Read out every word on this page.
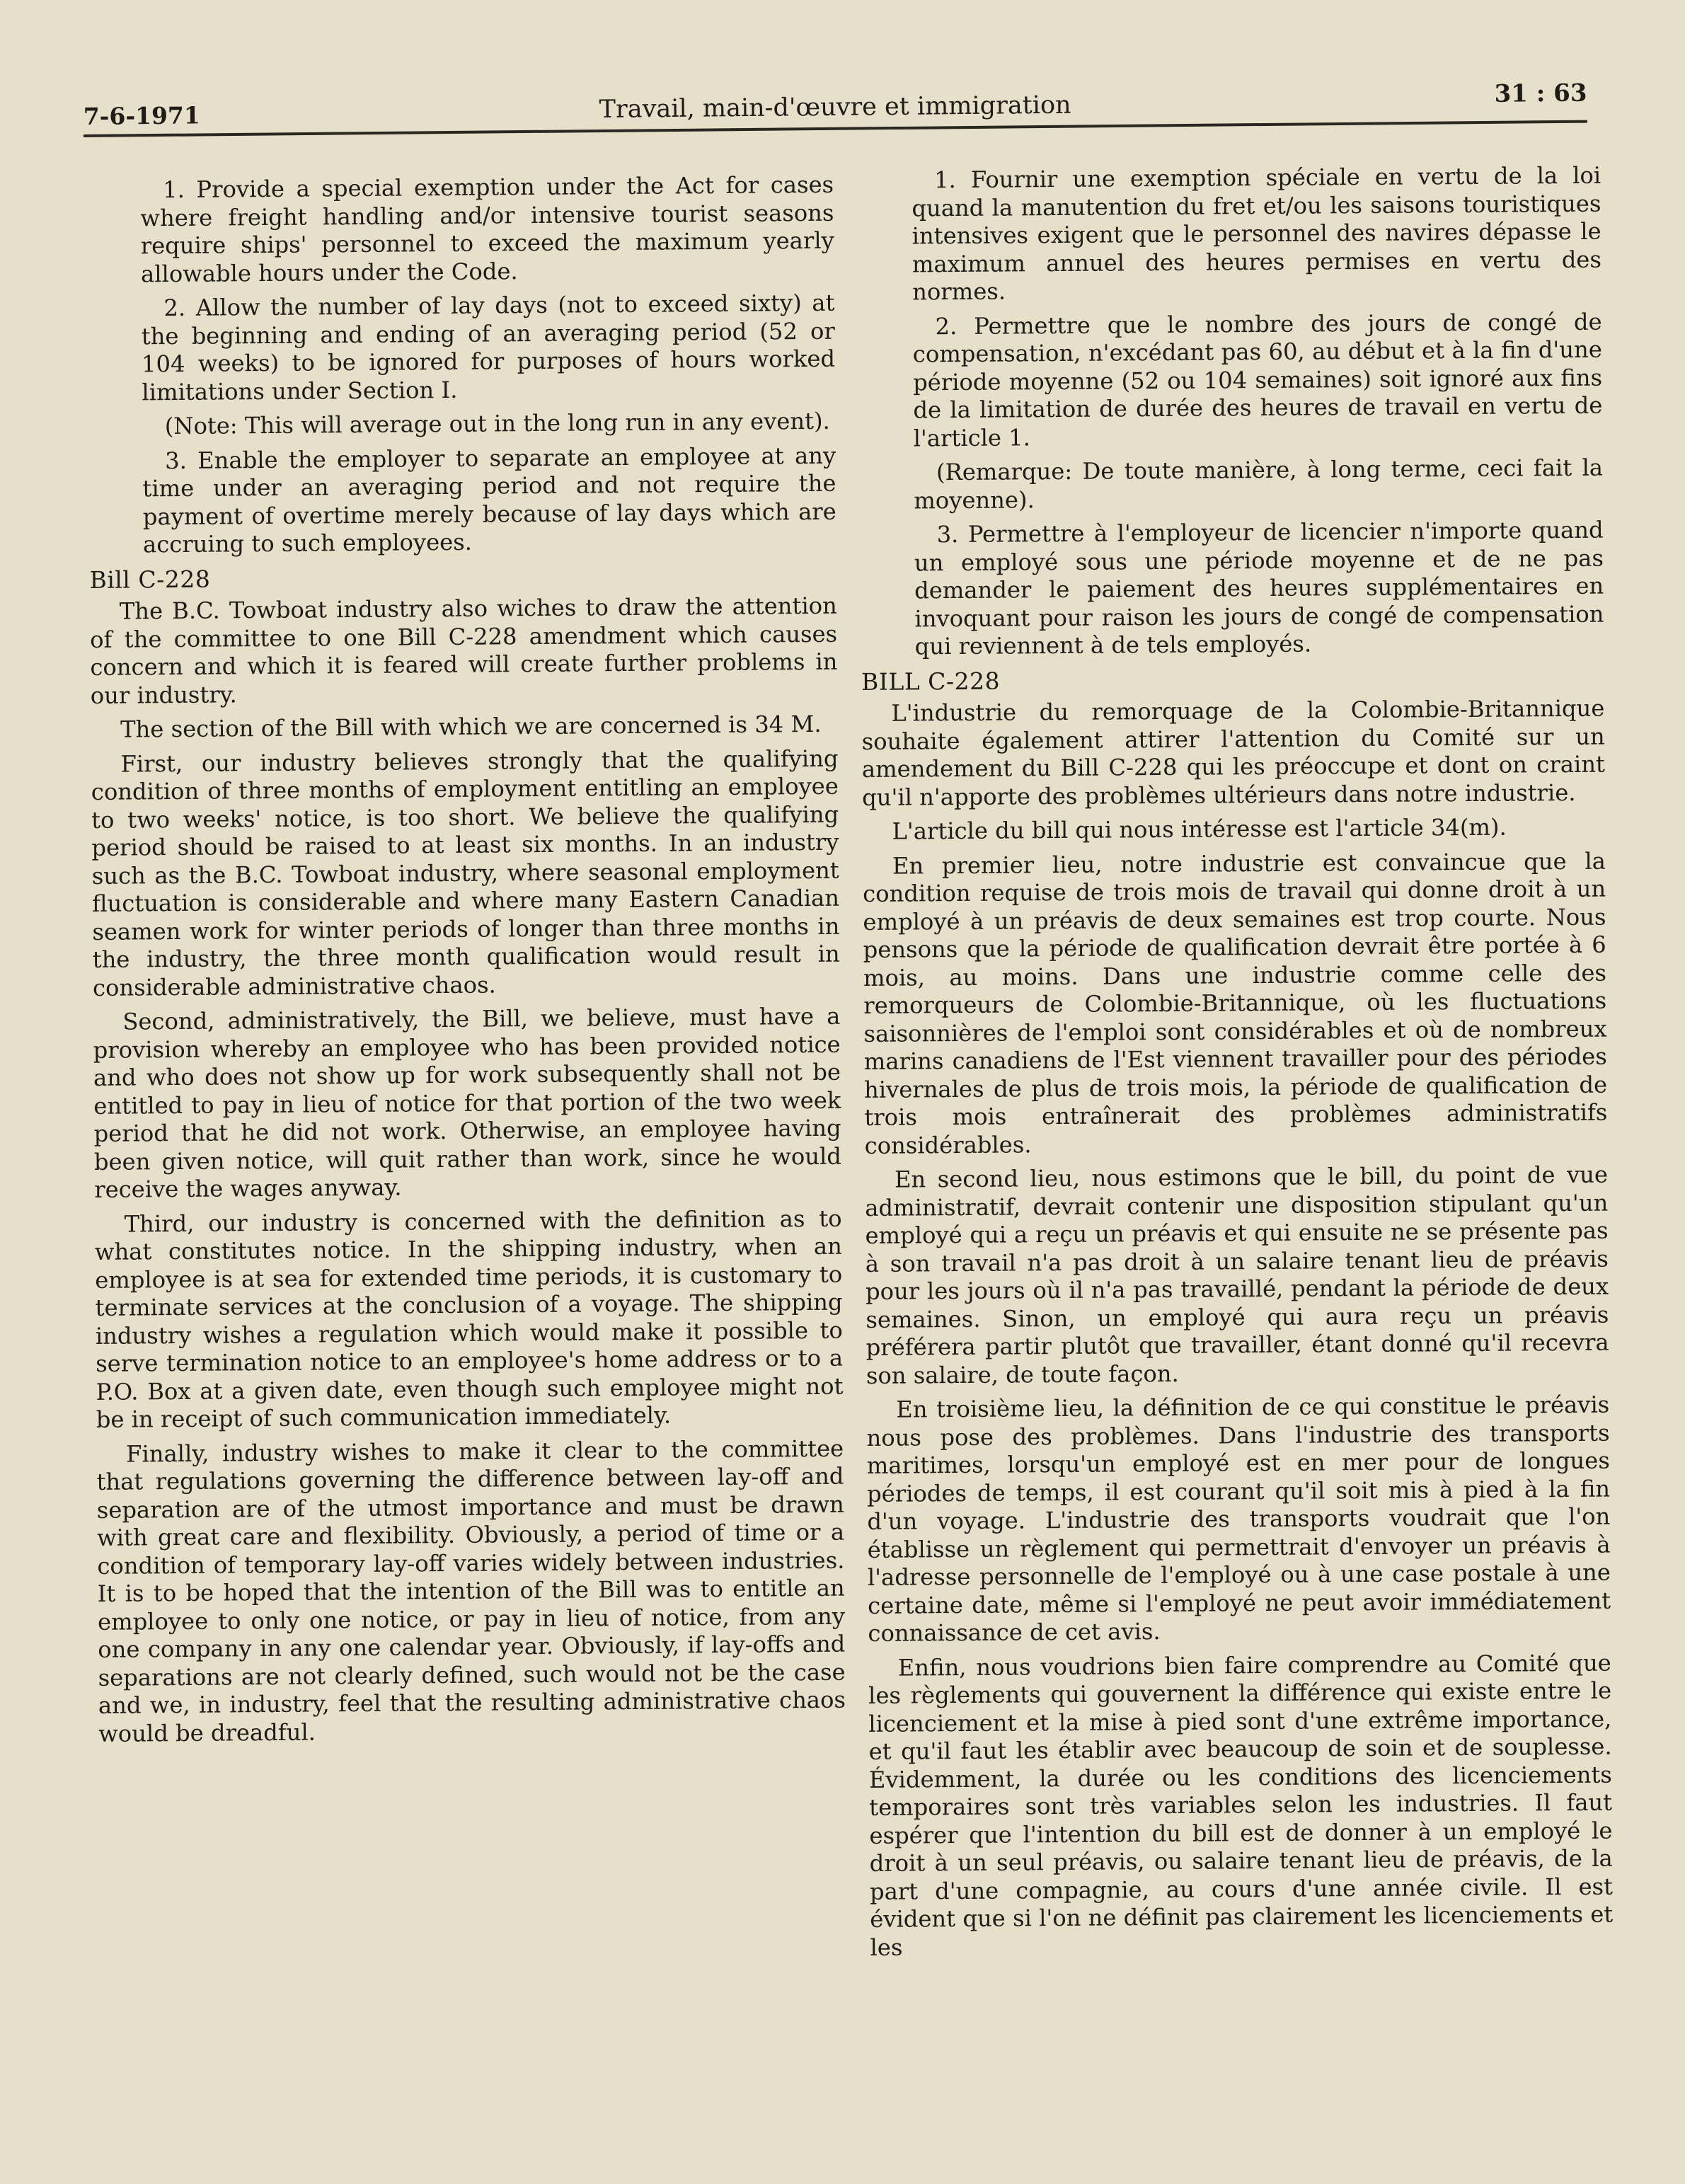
7-6-1971	Travail, main-d'œuvre et immigration	31 : 63

1. Provide a special exemption under the Act for cases where freight handling and/or intensive tourist seasons require ships' personnel to exceed the maximum yearly allowable hours under the Code.

2. Allow the number of lay days (not to exceed sixty) at the beginning and ending of an averaging period (52 or 104 weeks) to be ignored for purposes of hours worked limitations under Section I.

(Note: This will average out in the long run in any event).

3. Enable the employer to separate an employee at any time under an averaging period and not require the payment of overtime merely because of lay days which are accruing to such employees.

Bill C-228

The B.C. Towboat industry also wiches to draw the attention of the committee to one Bill C-228 amendment which causes concern and which it is feared will create further problems in our industry.

The section of the Bill with which we are concerned is 34 M.

First, our industry believes strongly that the qualifying condition of three months of employment entitling an employee to two weeks' notice, is too short. We believe the qualifying period should be raised to at least six months. In an industry such as the B.C. Towboat industry, where seasonal employment fluctuation is considerable and where many Eastern Canadian seamen work for winter periods of longer than three months in the industry, the three month qualification would result in considerable administrative chaos.

Second, administratively, the Bill, we believe, must have a provision whereby an employee who has been provided notice and who does not show up for work subsequently shall not be entitled to pay in lieu of notice for that portion of the two week period that he did not work. Otherwise, an employee having been given notice, will quit rather than work, since he would receive the wages anyway.

Third, our industry is concerned with the definition as to what constitutes notice. In the shipping industry, when an employee is at sea for extended time periods, it is customary to terminate services at the conclusion of a voyage. The shipping industry wishes a regulation which would make it possible to serve termination notice to an employee's home address or to a P.O. Box at a given date, even though such employee might not be in receipt of such communication immediately.

Finally, industry wishes to make it clear to the committee that regulations governing the difference between lay-off and separation are of the utmost importance and must be drawn with great care and flexibility. Obviously, a period of time or a condition of temporary lay-off varies widely between industries. It is to be hoped that the intention of the Bill was to entitle an employee to only one notice, or pay in lieu of notice, from any one company in any one calendar year. Obviously, if lay-offs and separations are not clearly defined, such would not be the case and we, in industry, feel that the resulting administrative chaos would be dreadful.

1. Fournir une exemption spéciale en vertu de la loi quand la manutention du fret et/ou les saisons touristiques intensives exigent que le personnel des navires dépasse le maximum annuel des heures permises en vertu des normes.

2. Permettre que le nombre des jours de congé de compensation, n'excédant pas 60, au début et à la fin d'une période moyenne (52 ou 104 semaines) soit ignoré aux fins de la limitation de durée des heures de travail en vertu de l'article 1.

(Remarque: De toute manière, à long terme, ceci fait la moyenne).

3. Permettre à l'employeur de licencier n'importe quand un employé sous une période moyenne et de ne pas demander le paiement des heures supplémentaires en invoquant pour raison les jours de congé de compensation qui reviennent à de tels employés.

BILL C-228

L'industrie du remorquage de la Colombie-Britannique souhaite également attirer l'attention du Comité sur un amendement du Bill C-228 qui les préoccupe et dont on craint qu'il n'apporte des problèmes ultérieurs dans notre industrie.

L'article du bill qui nous intéresse est l'article 34(m).

En premier lieu, notre industrie est convaincue que la condition requise de trois mois de travail qui donne droit à un employé à un préavis de deux semaines est trop courte. Nous pensons que la période de qualification devrait être portée à 6 mois, au moins. Dans une industrie comme celle des remorqueurs de Colombie-Britannique, où les fluctuations saisonnières de l'emploi sont considérables et où de nombreux marins canadiens de l'Est viennent travailler pour des périodes hivernales de plus de trois mois, la période de qualification de trois mois entraînerait des problèmes administratifs considérables.

En second lieu, nous estimons que le bill, du point de vue administratif, devrait contenir une disposition stipulant qu'un employé qui a reçu un préavis et qui ensuite ne se présente pas à son travail n'a pas droit à un salaire tenant lieu de préavis pour les jours où il n'a pas travaillé, pendant la période de deux semaines. Sinon, un employé qui aura reçu un préavis préférera partir plutôt que travailler, étant donné qu'il recevra son salaire, de toute façon.

En troisième lieu, la définition de ce qui constitue le préavis nous pose des problèmes. Dans l'industrie des transports maritimes, lorsqu'un employé est en mer pour de longues périodes de temps, il est courant qu'il soit mis à pied à la fin d'un voyage. L'industrie des transports voudrait que l'on établisse un règlement qui permettrait d'envoyer un préavis à l'adresse personnelle de l'employé ou à une case postale à une certaine date, même si l'employé ne peut avoir immédiatement connaissance de cet avis.

Enfin, nous voudrions bien faire comprendre au Comité que les règlements qui gouvernent la différence qui existe entre le licenciement et la mise à pied sont d'une extrême importance, et qu'il faut les établir avec beaucoup de soin et de souplesse. Évidemment, la durée ou les conditions des licenciements temporaires sont très variables selon les industries. Il faut espérer que l'intention du bill est de donner à un employé le droit à un seul préavis, ou salaire tenant lieu de préavis, de la part d'une compagnie, au cours d'une année civile. Il est évident que si l'on ne définit pas clairement les licenciements et les
